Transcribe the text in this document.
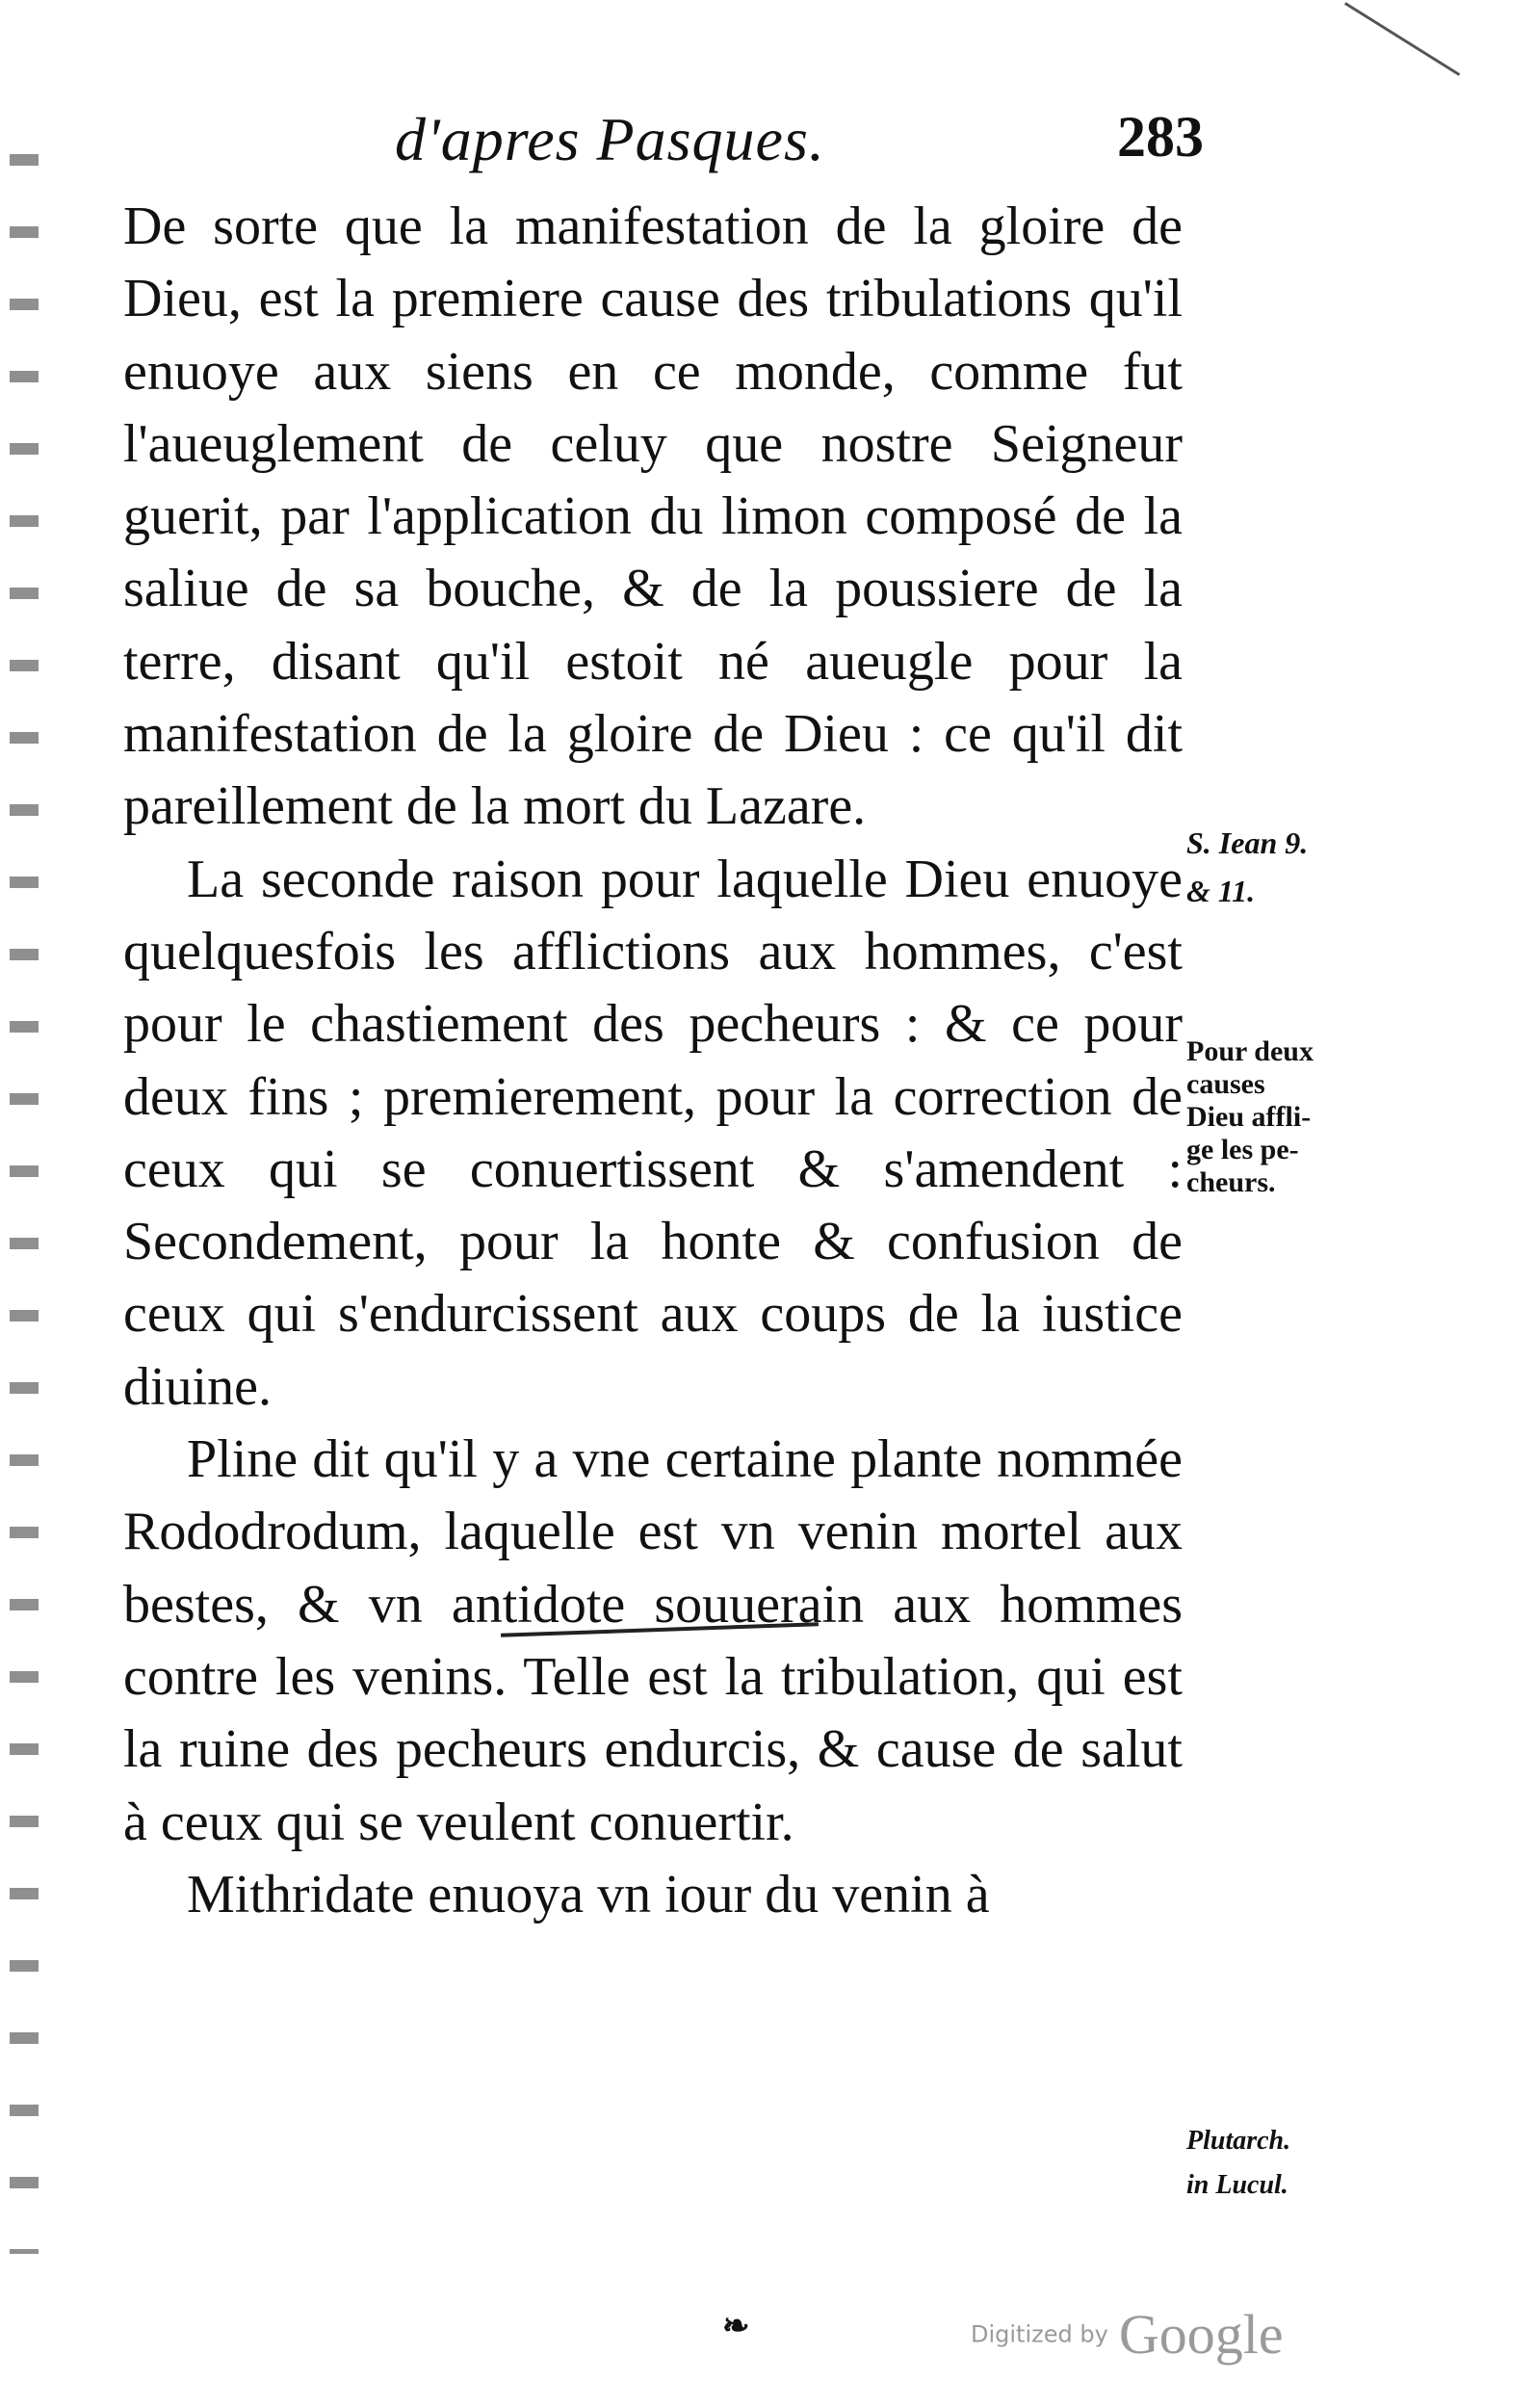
d'apres Pasques.	283

De sorte que la manifestation de la gloire de Dieu, est la premiere cause des tribulations qu'il enuoye aux siens en ce monde, comme fut l'aueuglement de celuy que nostre Seigneur guerit, par l'application du limon composé de la saliue de sa bouche, & de la poussiere de la terre, disant qu'il estoit né aueugle pour la manifestation de la gloire de Dieu : ce qu'il dit pareillement de la mort du Lazare.

La seconde raison pour laquelle Dieu enuoye quelquesfois les afflictions aux hommes, c'est pour le chastiement des pecheurs : & ce pour deux fins ; premierement, pour la correction de ceux qui se conuertissent & s'amendent : Secondement, pour la honte & confusion de ceux qui s'endurcissent aux coups de la iustice diuine.

Pline dit qu'il y a vne certaine plante nommée Rododrodum, laquelle est vn venin mortel aux bestes, & vn antidote souuerain aux hommes contre les venins. Telle est la tribulation, qui est la ruine des pecheurs endurcis, & cause de salut à ceux qui se veulent conuertir.

Mithridate enuoya vn iour du venin à

S. Iean 9.
& 11.
Pour deux
causes
Dieu affli-
ge les pe-
cheurs.
Plutarch.
in Lucul.
❧	Digitized by Google
